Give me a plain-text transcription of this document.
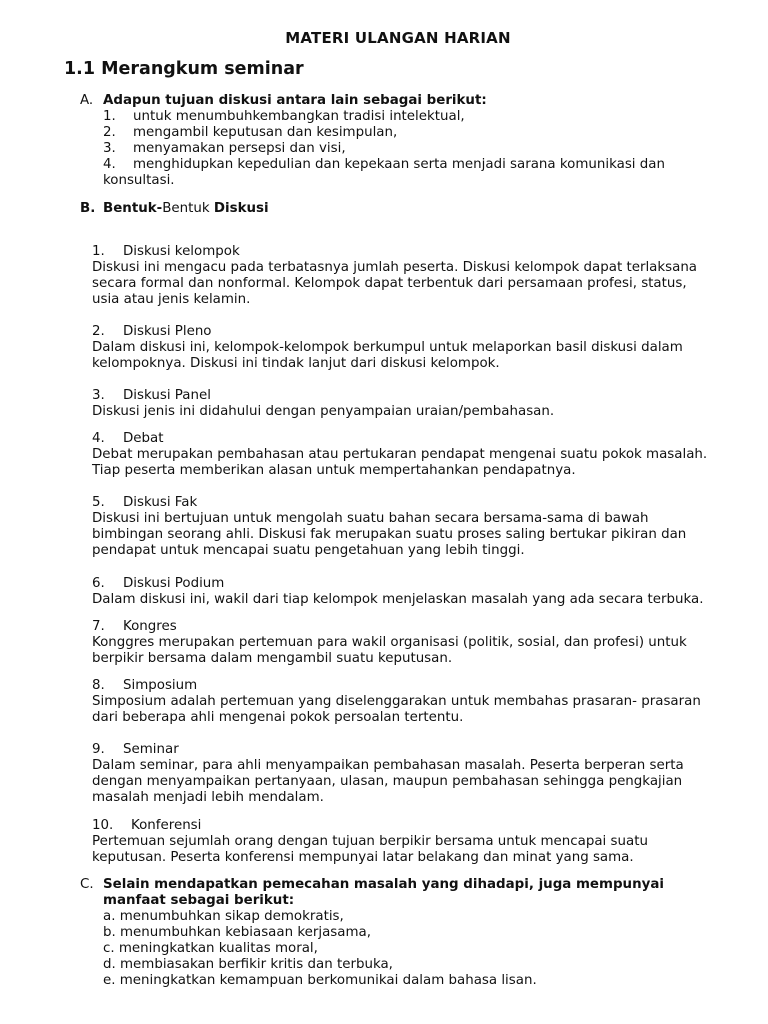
MATERI ULANGAN HARIAN
1.1 Merangkum seminar
A. Adapun tujuan diskusi antara lain sebagai berikut:
1. untuk menumbuhkembangkan tradisi intelektual,
2. mengambil keputusan dan kesimpulan,
3. menyamakan persepsi dan visi,
4. menghidupkan kepedulian dan kepekaan serta menjadi sarana komunikasi dan
konsultasi.
B. Bentuk-Bentuk Diskusi
1. Diskusi kelompok
Diskusi ini mengacu pada terbatasnya jumlah peserta. Diskusi kelompok dapat terlaksana
secara formal dan nonformal. Kelompok dapat terbentuk dari persamaan profesi, status,
usia atau jenis kelamin.
2. Diskusi Pleno
Dalam diskusi ini, kelompok-kelompok berkumpul untuk melaporkan basil diskusi dalam
kelompoknya. Diskusi ini tindak lanjut dari diskusi kelompok.
3. Diskusi Panel
Diskusi jenis ini didahului dengan penyampaian uraian/pembahasan.
4. Debat
Debat merupakan pembahasan atau pertukaran pendapat mengenai suatu pokok masalah.
Tiap peserta memberikan alasan untuk mempertahankan pendapatnya.
5. Diskusi Fak
Diskusi ini bertujuan untuk mengolah suatu bahan secara bersama-sama di bawah
bimbingan seorang ahli. Diskusi fak merupakan suatu proses saling bertukar pikiran dan
pendapat untuk mencapai suatu pengetahuan yang lebih tinggi.
6. Diskusi Podium
Dalam diskusi ini, wakil dari tiap kelompok menjelaskan masalah yang ada secara terbuka.
7. Kongres
Konggres merupakan pertemuan para wakil organisasi (politik, sosial, dan profesi) untuk
berpikir bersama dalam mengambil suatu keputusan.
8. Simposium
Simposium adalah pertemuan yang diselenggarakan untuk membahas prasaran- prasaran
dari beberapa ahli mengenai pokok persoalan tertentu.
9. Seminar
Dalam seminar, para ahli menyampaikan pembahasan masalah. Peserta berperan serta
dengan menyampaikan pertanyaan, ulasan, maupun pembahasan sehingga pengkajian
masalah menjadi lebih mendalam.
10. Konferensi
Pertemuan sejumlah orang dengan tujuan berpikir bersama untuk mencapai suatu
keputusan. Peserta konferensi mempunyai latar belakang dan minat yang sama.
C. Selain mendapatkan pemecahan masalah yang dihadapi, juga mempunyai
manfaat sebagai berikut:
a. menumbuhkan sikap demokratis,
b. menumbuhkan kebiasaan kerjasama,
c. meningkatkan kualitas moral,
d. membiasakan berfikir kritis dan terbuka,
e. meningkatkan kemampuan berkomunikai dalam bahasa lisan.
